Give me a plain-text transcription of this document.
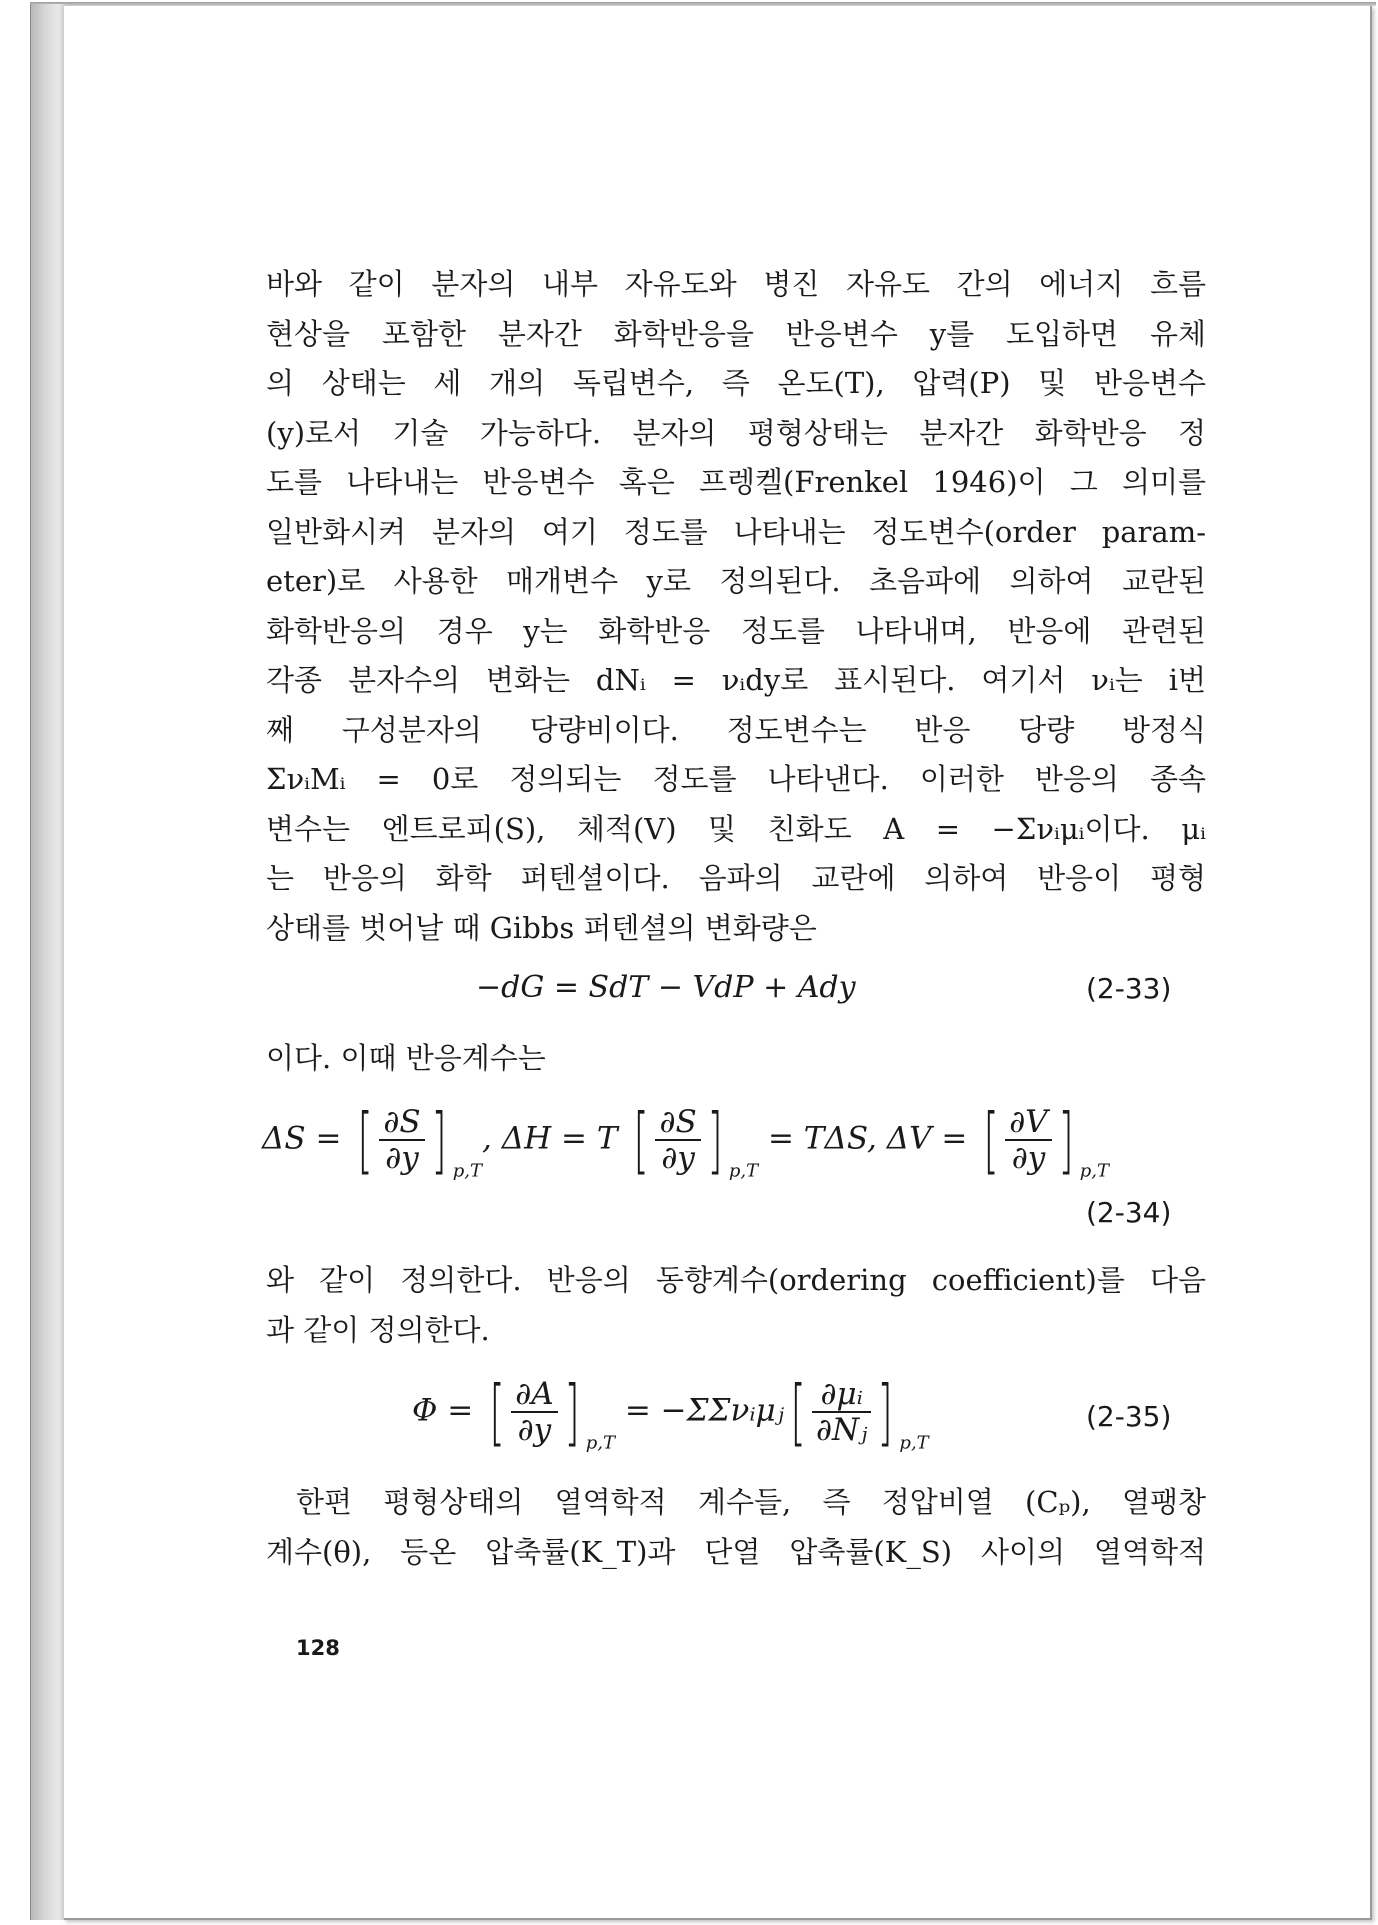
바와 같이 분자의 내부 자유도와 병진 자유도 간의 에너지 흐름
현상을 포함한 분자간 화학반응을 반응변수 y를 도입하면 유체
의 상태는 세 개의 독립변수, 즉 온도(T), 압력(P) 및 반응변수
(y)로서 기술 가능하다. 분자의 평형상태는 분자간 화학반응 정
도를 나타내는 반응변수 혹은 프렝켈(Frenkel 1946)이 그 의미를
일반화시켜 분자의 여기 정도를 나타내는 정도변수(order param-
eter)로 사용한 매개변수 y로 정의된다. 초음파에 의하여 교란된
화학반응의 경우 y는 화학반응 정도를 나타내며, 반응에 관련된
각종 분자수의 변화는 dNᵢ = νᵢdy로 표시된다. 여기서 νᵢ는 i번
째 구성분자의 당량비이다. 정도변수는 반응 당량 방정식
ΣνᵢMᵢ = 0로 정의되는 정도를 나타낸다. 이러한 반응의 종속
변수는 엔트로피(S), 체적(V) 및 친화도 A = −Σνᵢμᵢ이다. μᵢ
는 반응의 화학 퍼텐셜이다. 음파의 교란에 의하여 반응이 평형
상태를 벗어날 때 Gibbs 퍼텐셜의 변화량은
−dG = SdT − VdP + Ady	(2-33)
이다. 이때 반응계수는
ΔS = [ $\frac{\partial S}{\partial y}$ ] $_{p,T}$, ΔH = T [ $\frac{\partial S}{\partial y}$ ] $_{p,T}$ = TΔS, ΔV = [ $\frac{\partial V}{\partial y}$ ] $_{p,T}$
(2-34)
와 같이 정의한다. 반응의 동향계수(ordering coefficient)를 다음
과 같이 정의한다.
Φ = [ $\frac{\partial A}{\partial y}$ ] $_{p,T}$ = −ΣΣνᵢμⱼ[ $\frac{\text{∂μᵢ}}{\text{∂Nⱼ}}$ ] $_{p,T}$
(2-35)
한편 평형상태의 열역학적 계수들, 즉 정압비열 (Cₚ), 열팽창
계수(θ), 등온 압축률(K_T)과 단열 압축률(K_S) 사이의 열역학적
128
